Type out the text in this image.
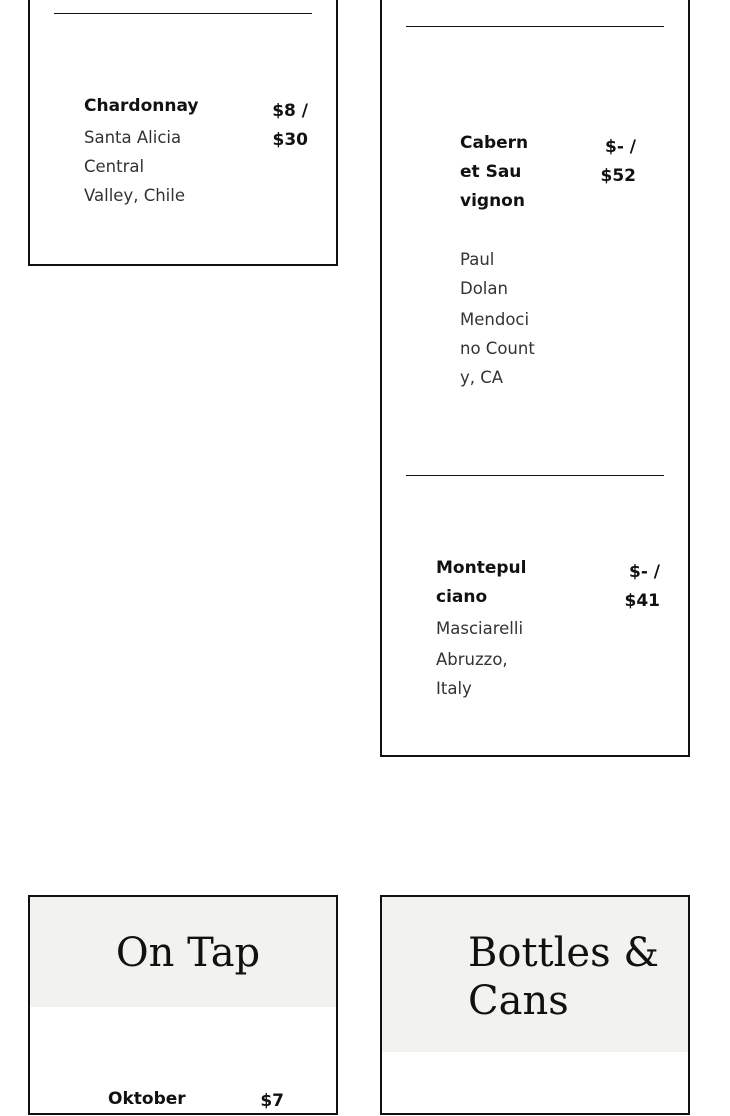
Chardonnay

Santa Alicia
Central
Valley, Chile

$8 /
$30	Cabernet Sauvignon

Paul Dolan
Mendocino County, CA

$- /
$52

Montepulciano

Masciarelli
Abruzzo,
Italy

$- /
$41

On Tap

Oktober	$7

Bottles &
Cans
